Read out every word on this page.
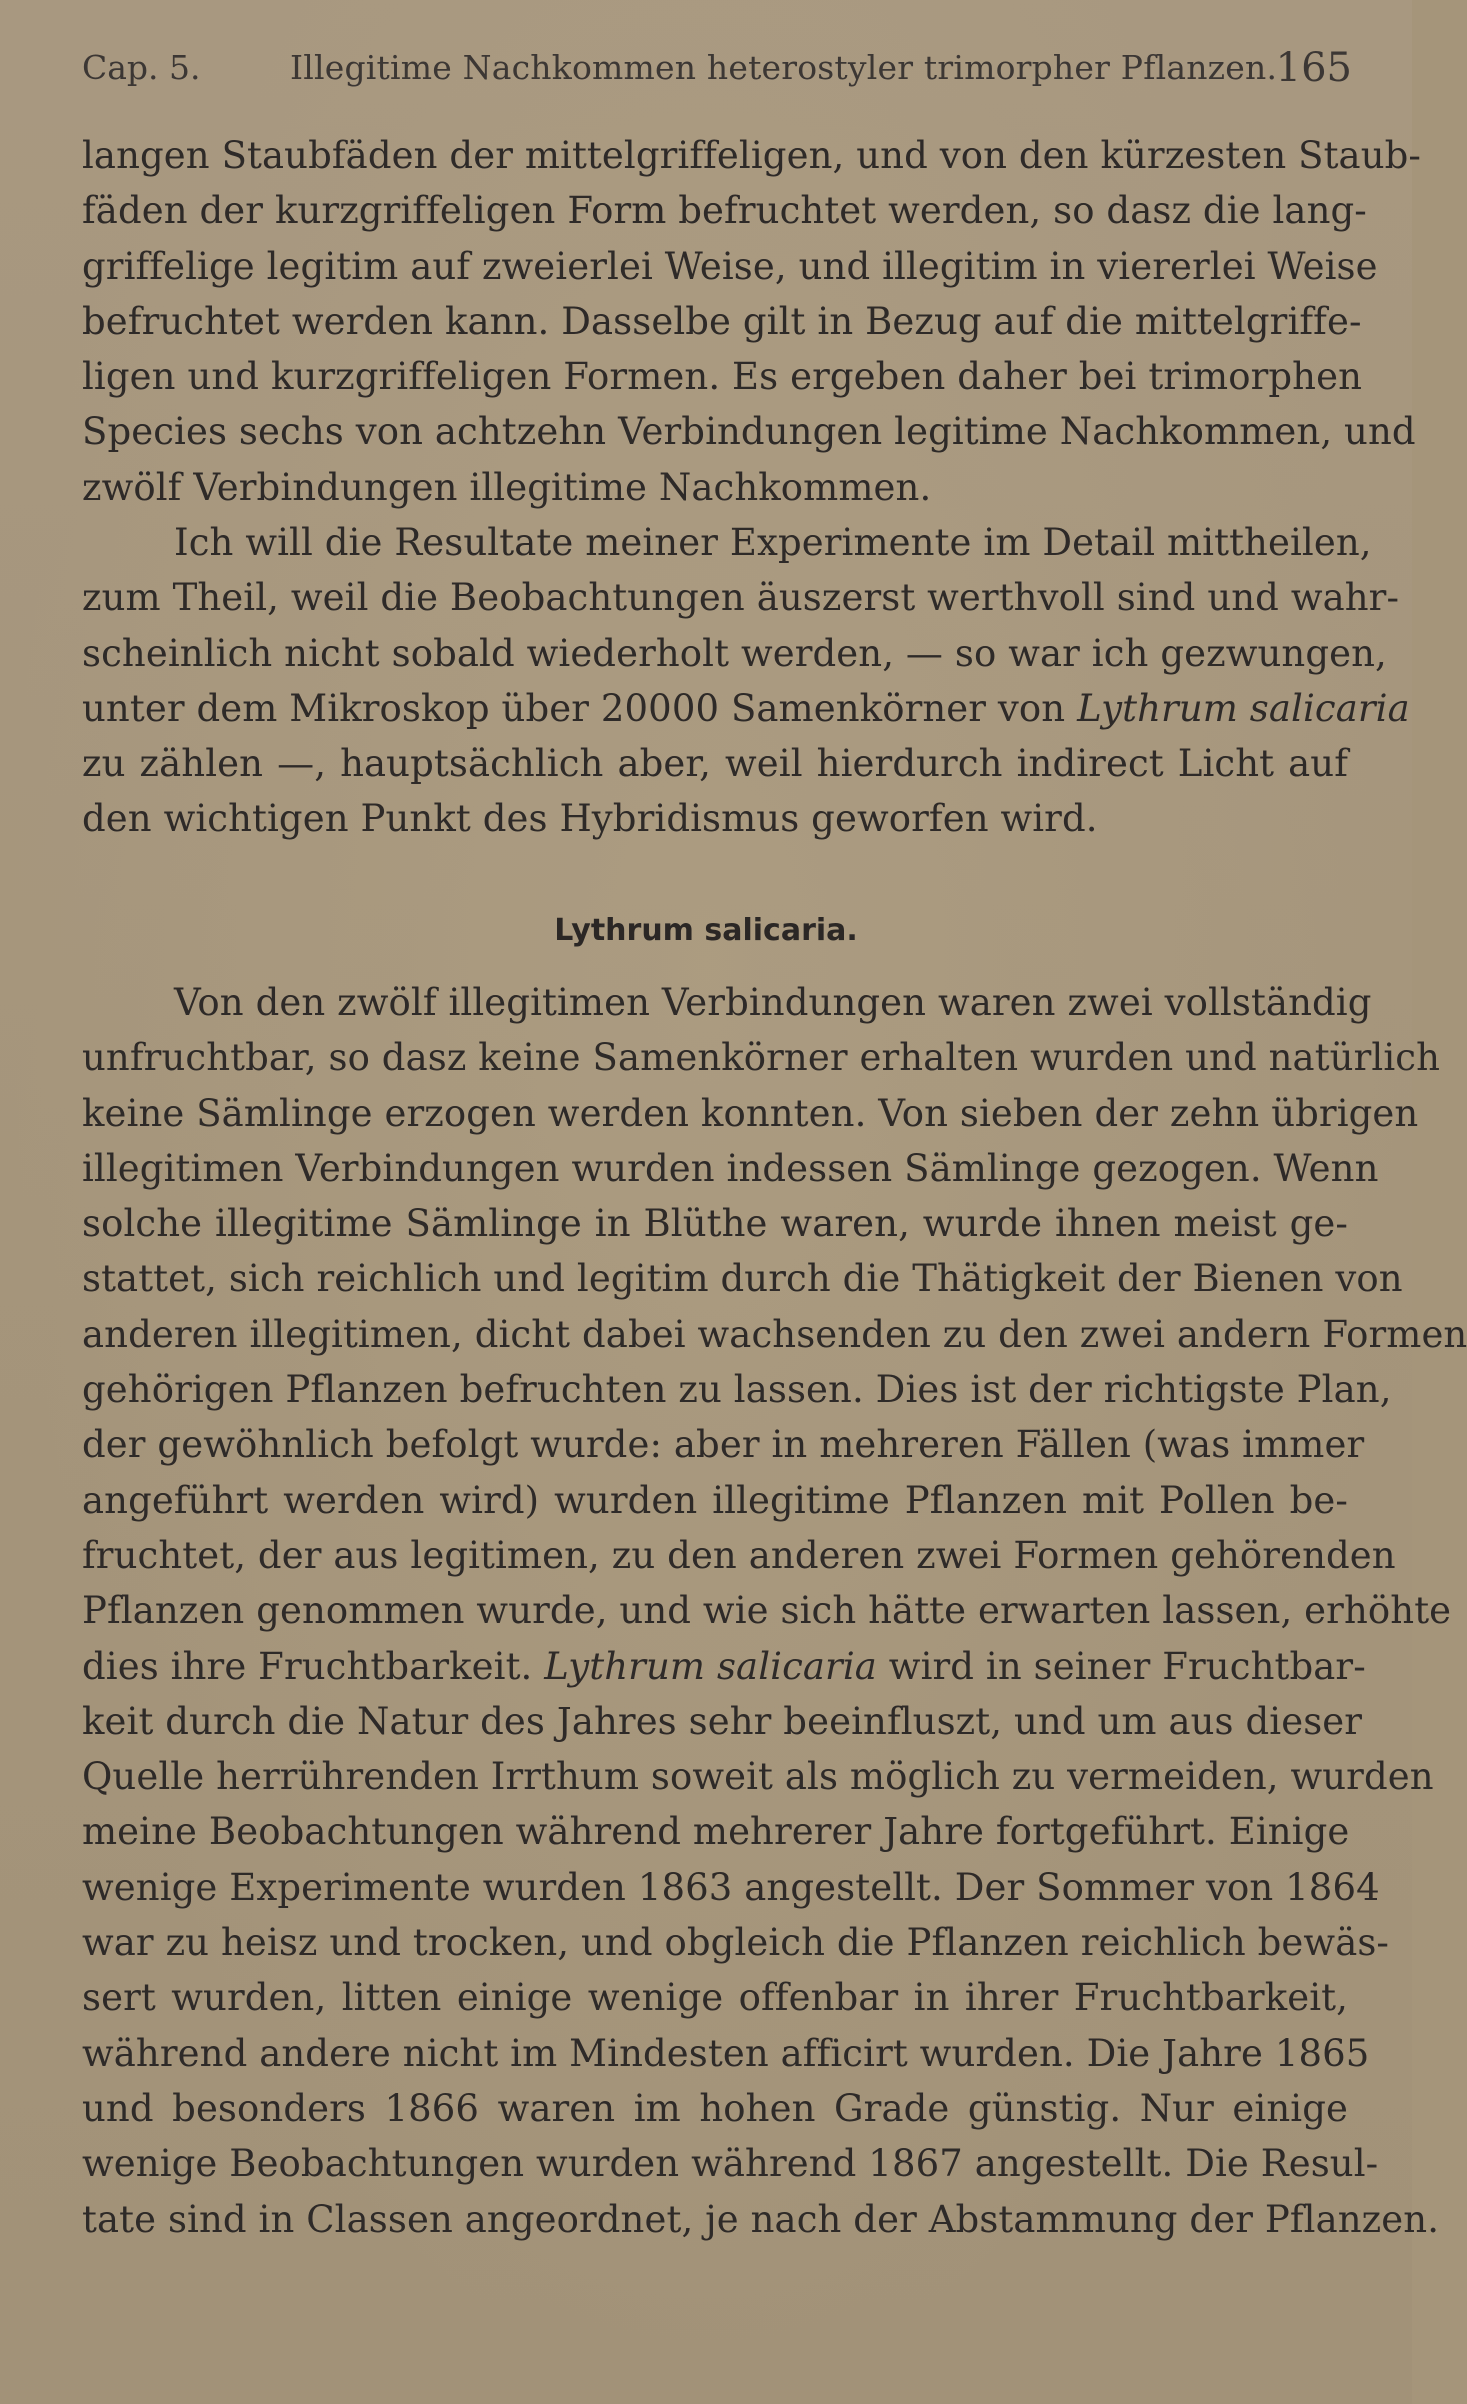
Cap. 5.	Illegitime Nachkommen heterostyler trimorpher Pflanzen.
165
langen Staubfäden der mittelgriffeligen, und von den kürzesten Staub-
fäden der kurzgriffeligen Form befruchtet werden, so dasz die lang-
griffelige legitim auf zweierlei Weise, und illegitim in viererlei Weise
befruchtet werden kann. Dasselbe gilt in Bezug auf die mittelgriffe-
ligen und kurzgriffeligen Formen. Es ergeben daher bei trimorphen
Species sechs von achtzehn Verbindungen legitime Nachkommen, und
zwölf Verbindungen illegitime Nachkommen.
Ich will die Resultate meiner Experimente im Detail mittheilen,
zum Theil, weil die Beobachtungen äuszerst werthvoll sind und wahr-
scheinlich nicht sobald wiederholt werden, — so war ich gezwungen,
unter dem Mikroskop über 20000 Samenkörner von Lythrum salicaria
zu zählen —, hauptsächlich aber, weil hierdurch indirect Licht auf
den wichtigen Punkt des Hybridismus geworfen wird.
Lythrum salicaria.
Von den zwölf illegitimen Verbindungen waren zwei vollständig
unfruchtbar, so dasz keine Samenkörner erhalten wurden und natürlich
keine Sämlinge erzogen werden konnten. Von sieben der zehn übrigen
illegitimen Verbindungen wurden indessen Sämlinge gezogen. Wenn
solche illegitime Sämlinge in Blüthe waren, wurde ihnen meist ge-
stattet, sich reichlich und legitim durch die Thätigkeit der Bienen von
anderen illegitimen, dicht dabei wachsenden zu den zwei andern Formen
gehörigen Pflanzen befruchten zu lassen. Dies ist der richtigste Plan,
der gewöhnlich befolgt wurde: aber in mehreren Fällen (was immer
angeführt werden wird) wurden illegitime Pflanzen mit Pollen be-
fruchtet, der aus legitimen, zu den anderen zwei Formen gehörenden
Pflanzen genommen wurde, und wie sich hätte erwarten lassen, erhöhte
dies ihre Fruchtbarkeit. Lythrum salicaria wird in seiner Fruchtbar-
keit durch die Natur des Jahres sehr beeinfluszt, und um aus dieser
Quelle herrührenden Irrthum soweit als möglich zu vermeiden, wurden
meine Beobachtungen während mehrerer Jahre fortgeführt. Einige
wenige Experimente wurden 1863 angestellt. Der Sommer von 1864
war zu heisz und trocken, und obgleich die Pflanzen reichlich bewäs-
sert wurden, litten einige wenige offenbar in ihrer Fruchtbarkeit,
während andere nicht im Mindesten afficirt wurden. Die Jahre 1865
und besonders 1866 waren im hohen Grade günstig. Nur einige
wenige Beobachtungen wurden während 1867 angestellt. Die Resul-
tate sind in Classen angeordnet, je nach der Abstammung der Pflanzen.
